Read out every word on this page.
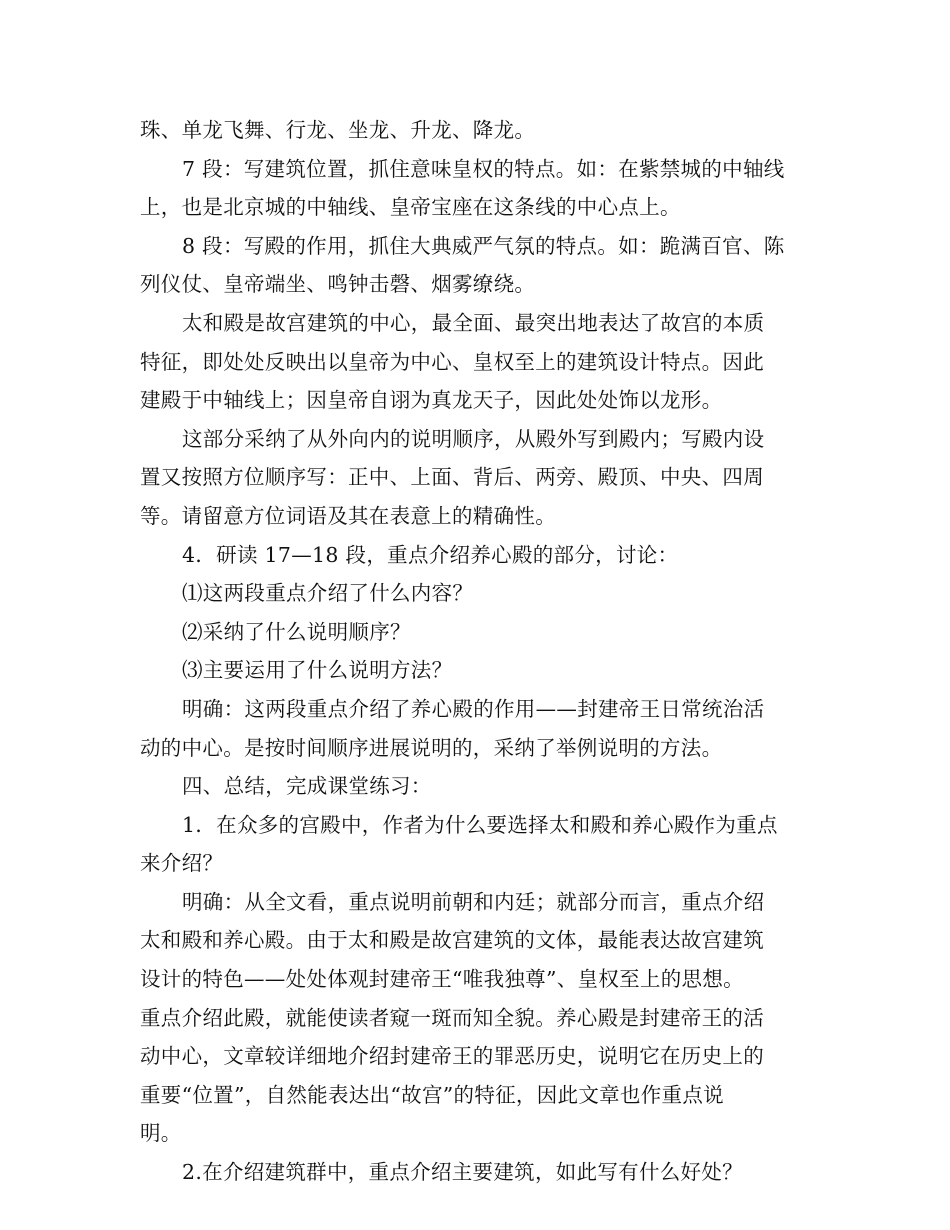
珠、单龙飞舞、行龙、坐龙、升龙、降龙。
7 段：写建筑位置，抓住意味皇权的特点。如：在紫禁城的中轴线
上，也是北京城的中轴线、皇帝宝座在这条线的中心点上。
8 段：写殿的作用，抓住大典威严气氛的特点。如：跪满百官、陈
列仪仗、皇帝端坐、鸣钟击磬、烟雾缭绕。
太和殿是故宫建筑的中心，最全面、最突出地表达了故宫的本质
特征，即处处反映出以皇帝为中心、皇权至上的建筑设计特点。因此
建殿于中轴线上；因皇帝自诩为真龙天子，因此处处饰以龙形。
这部分采纳了从外向内的说明顺序，从殿外写到殿内；写殿内设
置又按照方位顺序写：正中、上面、背后、两旁、殿顶、中央、四周
等。请留意方位词语及其在表意上的精确性。
4．研读 17—18 段，重点介绍养心殿的部分，讨论：
⑴这两段重点介绍了什么内容？
⑵采纳了什么说明顺序？
⑶主要运用了什么说明方法？
明确：这两段重点介绍了养心殿的作用——封建帝王日常统治活
动的中心。是按时间顺序进展说明的，采纳了举例说明的方法。
四、总结，完成课堂练习：
1．在众多的宫殿中，作者为什么要选择太和殿和养心殿作为重点
来介绍？
明确：从全文看，重点说明前朝和内廷；就部分而言，重点介绍
太和殿和养心殿。由于太和殿是故宫建筑的文体，最能表达故宫建筑
设计的特色——处处体观封建帝王“唯我独尊”、皇权至上的思想。
重点介绍此殿，就能使读者窥一斑而知全貌。养心殿是封建帝王的活
动中心，文章较详细地介绍封建帝王的罪恶历史，说明它在历史上的
重要“位置”，自然能表达出“故宫”的特征，因此文章也作重点说
明。
2.在介绍建筑群中，重点介绍主要建筑，如此写有什么好处？
